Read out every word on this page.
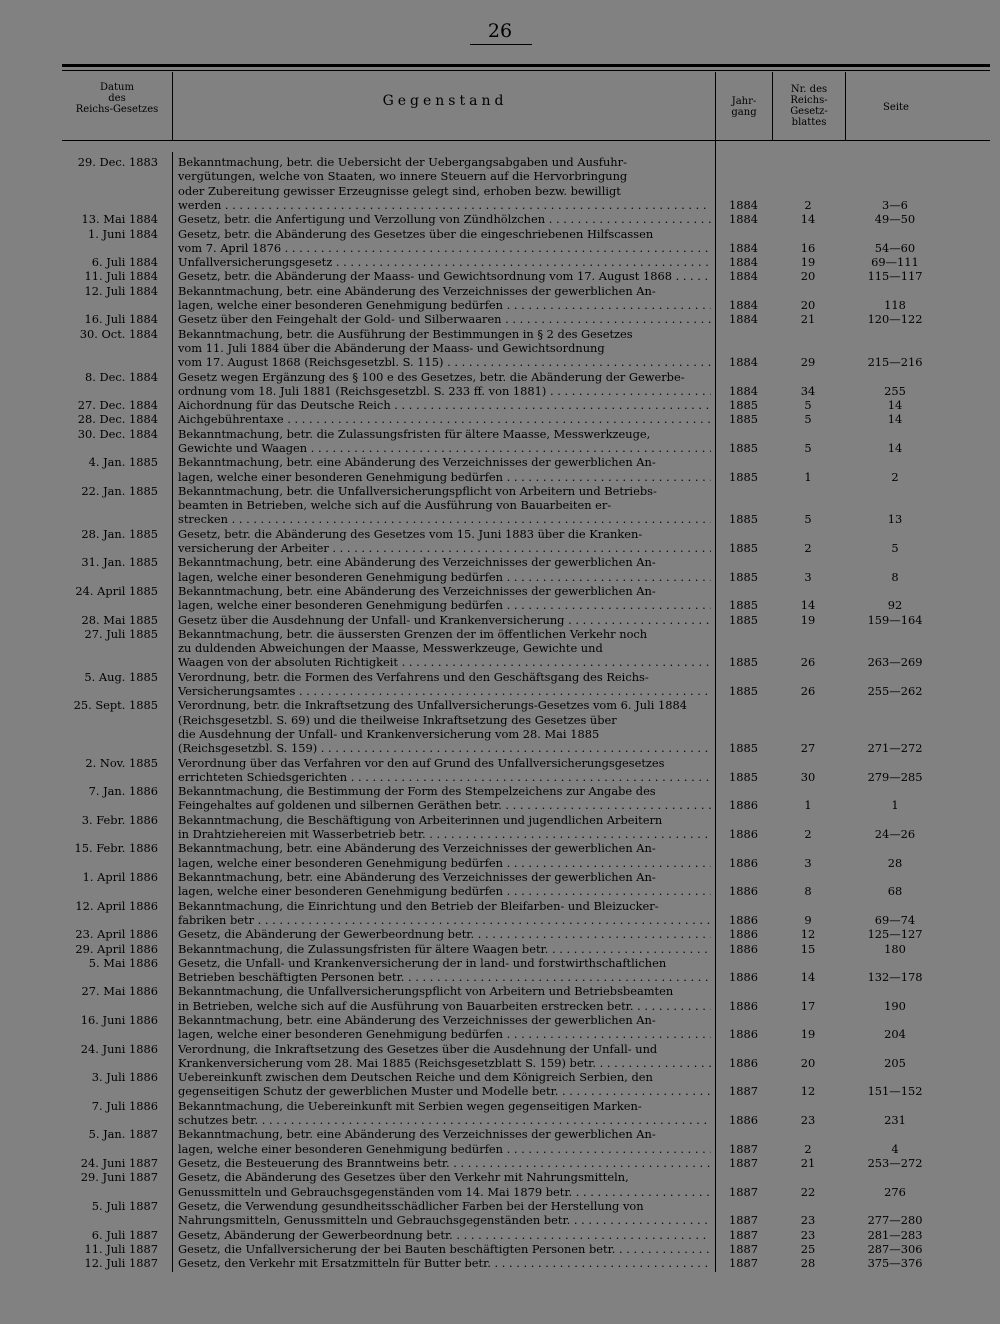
26
Datum
des
Reichs-Gesetzes
Gegenstand	Jahr-
gang
Nr. des
Reichs-
Gesetz-
blattes
Seite
29. Dec. 1883 Bekanntmachung, betr. die Uebersicht der Uebergangsabgaben und Ausfuhr-
vergütungen, welche von Staaten, wo innere Steuern auf die Hervorbringung
oder Zubereitung gewisser Erzeugnisse gelegt sind, erhoben bezw. bewilligt
werden . . .	1884	2	3—6
13. Mai 1884 Gesetz, betr. die Anfertigung und Verzollung von Zündhölzchen . . .	1884	14	49—50
1. Juni 1884 Gesetz, betr. die Abänderung des Gesetzes über die eingeschriebenen Hilfscassen
vom 7. April 1876 . . .	1884	16	54—60
6. Juli 1884 Unfallversicherungsgesetz . . .	1884	19	69—111
11. Juli 1884 Gesetz, betr. die Abänderung der Maass- und Gewichtsordnung vom 17. August 1868 . . .	1884	20	115—117
12. Juli 1884 Bekanntmachung, betr. eine Abänderung des Verzeichnisses der gewerblichen An-
lagen, welche einer besonderen Genehmigung bedürfen . . .	1884	20	118
16. Juli 1884 Gesetz über den Feingehalt der Gold- und Silberwaaren . . .	1884	21	120—122
30. Oct. 1884 Bekanntmachung, betr. die Ausführung der Bestimmungen in § 2 des Gesetzes
vom 11. Juli 1884 über die Abänderung der Maass- und Gewichtsordnung
vom 17. August 1868 (Reichsgesetzbl. S. 115) . . .	1884	29	215—216
8. Dec. 1884 Gesetz wegen Ergänzung des § 100 e des Gesetzes, betr. die Abänderung der Gewerbe-
ordnung vom 18. Juli 1881 (Reichsgesetzbl. S. 233 ff. von 1881) . . .	1884	34	255
27. Dec. 1884 Aichordnung für das Deutsche Reich . . .	1885	5	14
28. Dec. 1884 Aichgebührentaxe . . .	1885	5	14
30. Dec. 1884 Bekanntmachung, betr. die Zulassungsfristen für ältere Maasse, Messwerkzeuge,
Gewichte und Waagen . . .	1885	5	14
4. Jan. 1885 Bekanntmachung, betr. eine Abänderung des Verzeichnisses der gewerblichen An-
lagen, welche einer besonderen Genehmigung bedürfen . . .	1885	1	2
22. Jan. 1885 Bekanntmachung, betr. die Unfallversicherungspflicht von Arbeitern und Betriebs-
beamten in Betrieben, welche sich auf die Ausführung von Bauarbeiten er-
strecken . . .	1885	5	13
28. Jan. 1885 Gesetz, betr. die Abänderung des Gesetzes vom 15. Juni 1883 über die Kranken-
versicherung der Arbeiter . . .	1885	2	5
31. Jan. 1885 Bekanntmachung, betr. eine Abänderung des Verzeichnisses der gewerblichen An-
lagen, welche einer besonderen Genehmigung bedürfen . . .	1885	3	8
24. April 1885 Bekanntmachung, betr. eine Abänderung des Verzeichnisses der gewerblichen An-
lagen, welche einer besonderen Genehmigung bedürfen . . .	1885	14	92
28. Mai 1885 Gesetz über die Ausdehnung der Unfall- und Krankenversicherung . . .	1885	19	159—164
27. Juli 1885 Bekanntmachung, betr. die äussersten Grenzen der im öffentlichen Verkehr noch
zu duldenden Abweichungen der Maasse, Messwerkzeuge, Gewichte und
Waagen von der absoluten Richtigkeit . . .	1885	26	263—269
5. Aug. 1885 Verordnung, betr. die Formen des Verfahrens und den Geschäftsgang des Reichs-
Versicherungsamtes . . .	1885	26	255—262
25. Sept. 1885 Verordnung, betr. die Inkraftsetzung des Unfallversicherungs-Gesetzes vom 6. Juli 1884
(Reichsgesetzbl. S. 69) und die theilweise Inkraftsetzung des Gesetzes über
die Ausdehnung der Unfall- und Krankenversicherung vom 28. Mai 1885
(Reichsgesetzbl. S. 159) . . .	1885	27	271—272
2. Nov. 1885 Verordnung über das Verfahren vor den auf Grund des Unfallversicherungsgesetzes
errichteten Schiedsgerichten . . .	1885	30	279—285
7. Jan. 1886 Bekanntmachung, die Bestimmung der Form des Stempelzeichens zur Angabe des
Feingehaltes auf goldenen und silbernen Geräthen betr. . . .	1886	1	1
3. Febr. 1886 Bekanntmachung, die Beschäftigung von Arbeiterinnen und jugendlichen Arbeitern
in Drahtziehereien mit Wasserbetrieb betr. . . .	1886	2	24—26
15. Febr. 1886 Bekanntmachung, betr. eine Abänderung des Verzeichnisses der gewerblichen An-
lagen, welche einer besonderen Genehmigung bedürfen . . .	1886	3	28
1. April 1886 Bekanntmachung, betr. eine Abänderung des Verzeichnisses der gewerblichen An-
lagen, welche einer besonderen Genehmigung bedürfen . . .	1886	8	68
12. April 1886 Bekanntmachung, die Einrichtung und den Betrieb der Bleifarben- und Bleizucker-
fabriken betr . . .	1886	9	69—74
23. April 1886 Gesetz, die Abänderung der Gewerbeordnung betr. . . .	1886	12	125—127
29. April 1886 Bekanntmachung, die Zulassungsfristen für ältere Waagen betr. . . .	1886	15	180
5. Mai 1886 Gesetz, die Unfall- und Krankenversicherung der in land- und forstwirthschaftlichen
Betrieben beschäftigten Personen betr. . . .	1886	14	132—178
27. Mai 1886 Bekanntmachung, die Unfallversicherungspflicht von Arbeitern und Betriebsbeamten
in Betrieben, welche sich auf die Ausführung von Bauarbeiten erstrecken betr. . . .	1886	17	190
16. Juni 1886 Bekanntmachung, betr. eine Abänderung des Verzeichnisses der gewerblichen An-
lagen, welche einer besonderen Genehmigung bedürfen . . .	1886	19	204
24. Juni 1886 Verordnung, die Inkraftsetzung des Gesetzes über die Ausdehnung der Unfall- und
Krankenversicherung vom 28. Mai 1885 (Reichsgesetzblatt S. 159) betr. . . .	1886	20	205
3. Juli 1886 Uebereinkunft zwischen dem Deutschen Reiche und dem Königreich Serbien, den
gegenseitigen Schutz der gewerblichen Muster und Modelle betr. . . .	1887	12	151—152
7. Juli 1886 Bekanntmachung, die Uebereinkunft mit Serbien wegen gegenseitigen Marken-
schutzes betr. . . .	1886	23	231
5. Jan. 1887 Bekanntmachung, betr. eine Abänderung des Verzeichnisses der gewerblichen An-
lagen, welche einer besonderen Genehmigung bedürfen . . .	1887	2	4
24. Juni 1887 Gesetz, die Besteuerung des Branntweins betr. . . .	1887	21	253—272
29. Juni 1887 Gesetz, die Abänderung des Gesetzes über den Verkehr mit Nahrungsmitteln,
Genussmitteln und Gebrauchsgegenständen vom 14. Mai 1879 betr. . . .	1887	22	276
5. Juli 1887 Gesetz, die Verwendung gesundheitsschädlicher Farben bei der Herstellung von
Nahrungsmitteln, Genussmitteln und Gebrauchsgegenständen betr. . . .	1887	23	277—280
6. Juli 1887 Gesetz, Abänderung der Gewerbeordnung betr. . . .	1887	23	281—283
11. Juli 1887 Gesetz, die Unfallversicherung der bei Bauten beschäftigten Personen betr. . . .	1887	25	287—306
12. Juli 1887 Gesetz, den Verkehr mit Ersatzmitteln für Butter betr. . . .	1887	28	375—376
